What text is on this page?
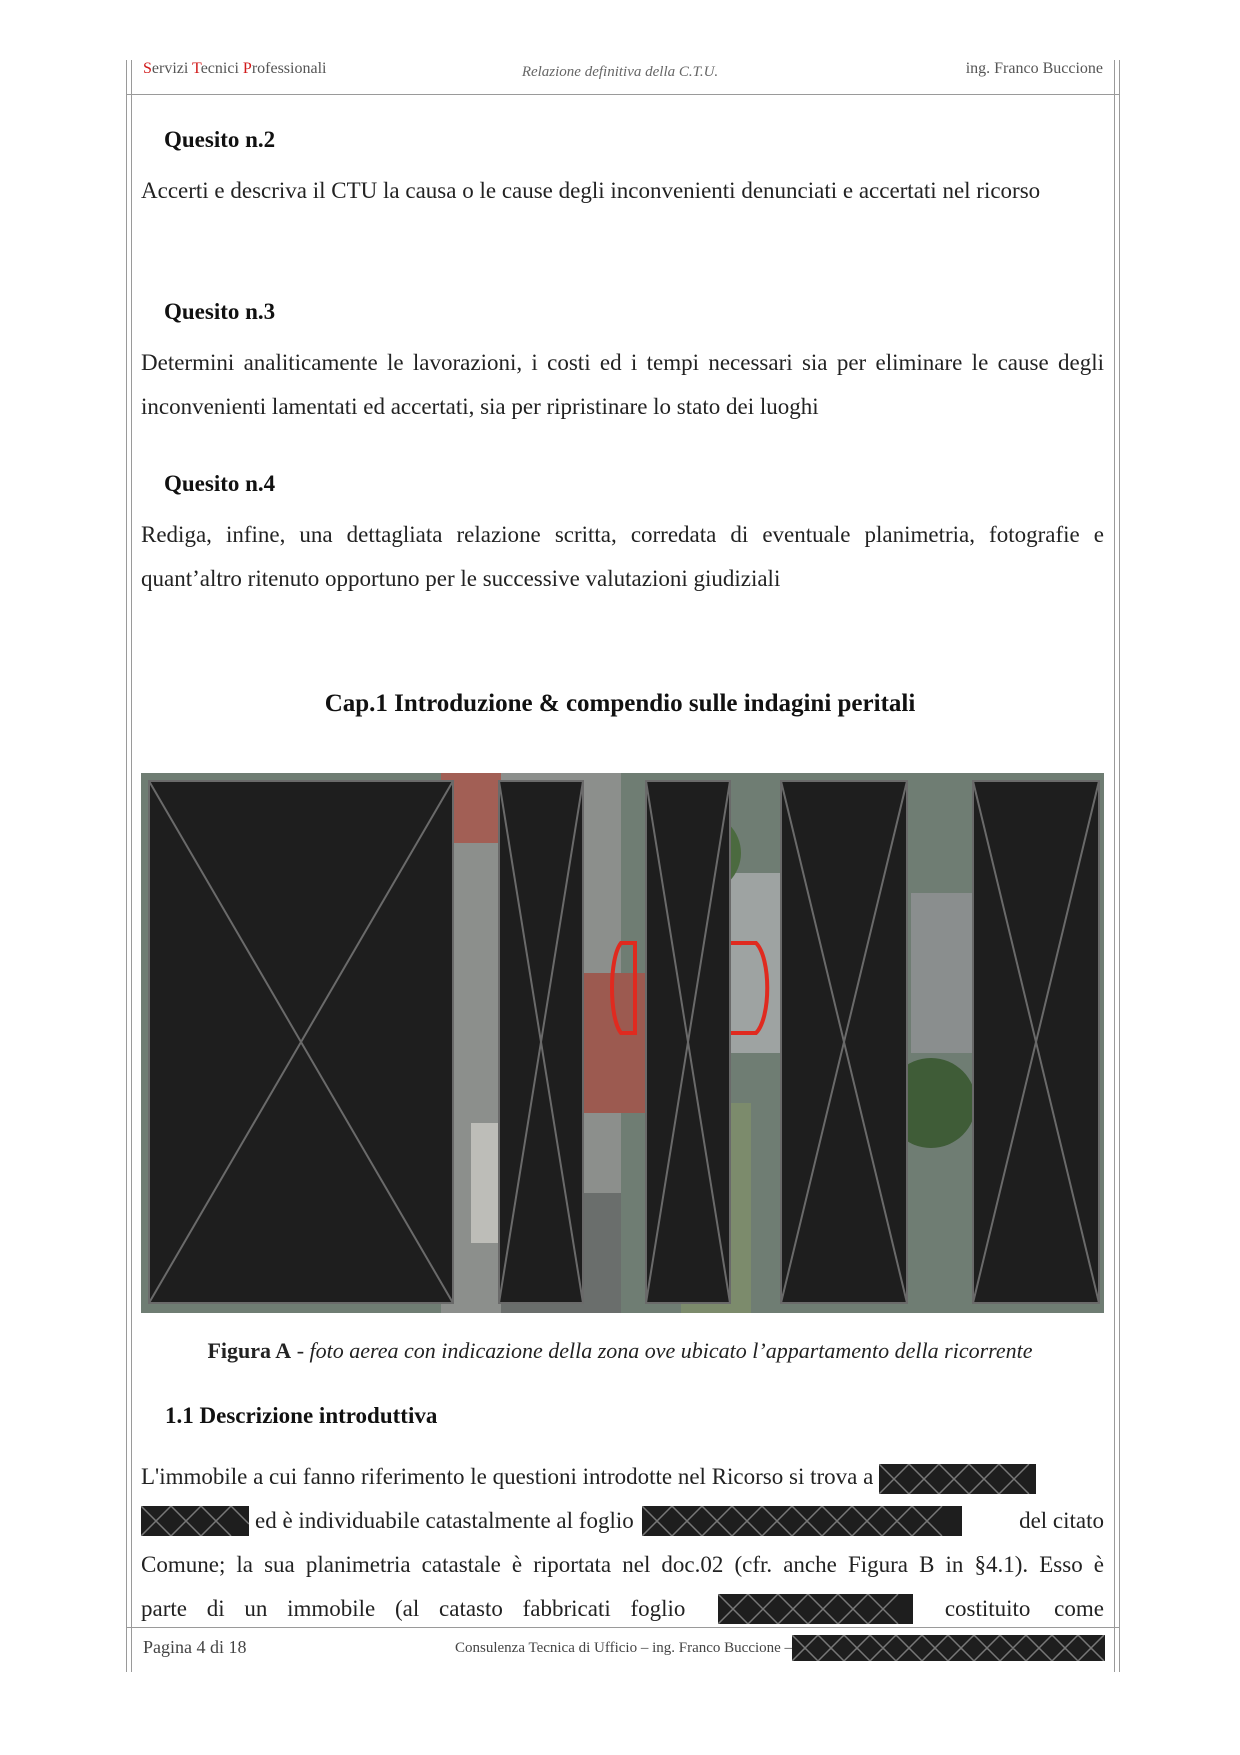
Servizi Tecnici Professionali	Relazione definitiva della C.T.U.	ing. Franco Buccione
Quesito n.2
Accerti e descriva il CTU la causa o le cause degli inconvenienti denunciati e accertati nel ricorso
Quesito n.3
Determini analiticamente le lavorazioni, i costi ed i tempi necessari sia per eliminare le cause degli inconvenienti lamentati ed accertati, sia per ripristinare lo stato dei luoghi
Quesito n.4
Rediga, infine, una dettagliata relazione scritta, corredata di eventuale planimetria, fotografie e quant’altro ritenuto opportuno per le successive valutazioni giudiziali
Cap.1 Introduzione & compendio sulle indagini peritali
Figura A - foto aerea con indicazione della zona ove ubicato l’appartamento della ricorrente
1.1 Descrizione introduttiva
L'immobile a cui fanno riferimento le questioni introdotte nel Ricorso si trova a
ed è individuabile catastalmente al foglio	del citato
Comune; la sua planimetria catastale è riportata nel doc.02 (cfr. anche Figura B in §4.1). Esso è
parte di un immobile (al catasto fabbricati foglio	costituito come
Pagina 4 di 18	Consulenza Tecnica di Ufficio – ing. Franco Buccione –
